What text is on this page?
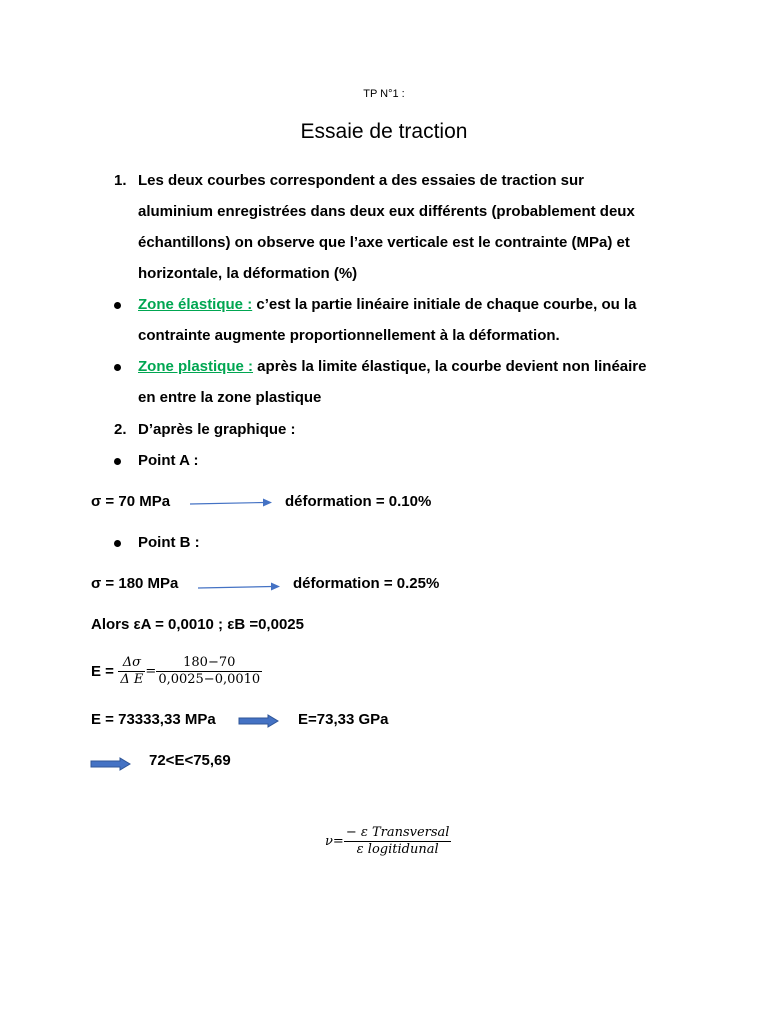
TP N°1 :
Essaie de traction
1. Les deux courbes correspondent a des essaies de traction sur
aluminium enregistrées dans deux eux différents (probablement deux
échantillons) on observe que l’axe verticale est le contrainte (MPa) et
horizontale, la déformation (%)
Zone élastique : c’est la partie linéaire initiale de chaque courbe, ou la
contrainte augmente proportionnellement à la déformation.
Zone plastique : après la limite élastique, la courbe devient non linéaire
en entre la zone plastique
2. D’après le graphique :
Point A :
σ = 70 MPa	déformation = 0.10%
Point B :
σ = 180 MPa	déformation = 0.25%
Alors εA = 0,0010 ; εB =0,0025
$E = \frac{\Delta\sigma}{\text{Δ E}} = \frac{180-70}{0,0025-0,0010}$
E = 73333,33 MPa	E=73,33 GPa
72<E<75,69
$\nu= \frac{\text{− ε Transversal}}{\text{ε logitidunal}}$
